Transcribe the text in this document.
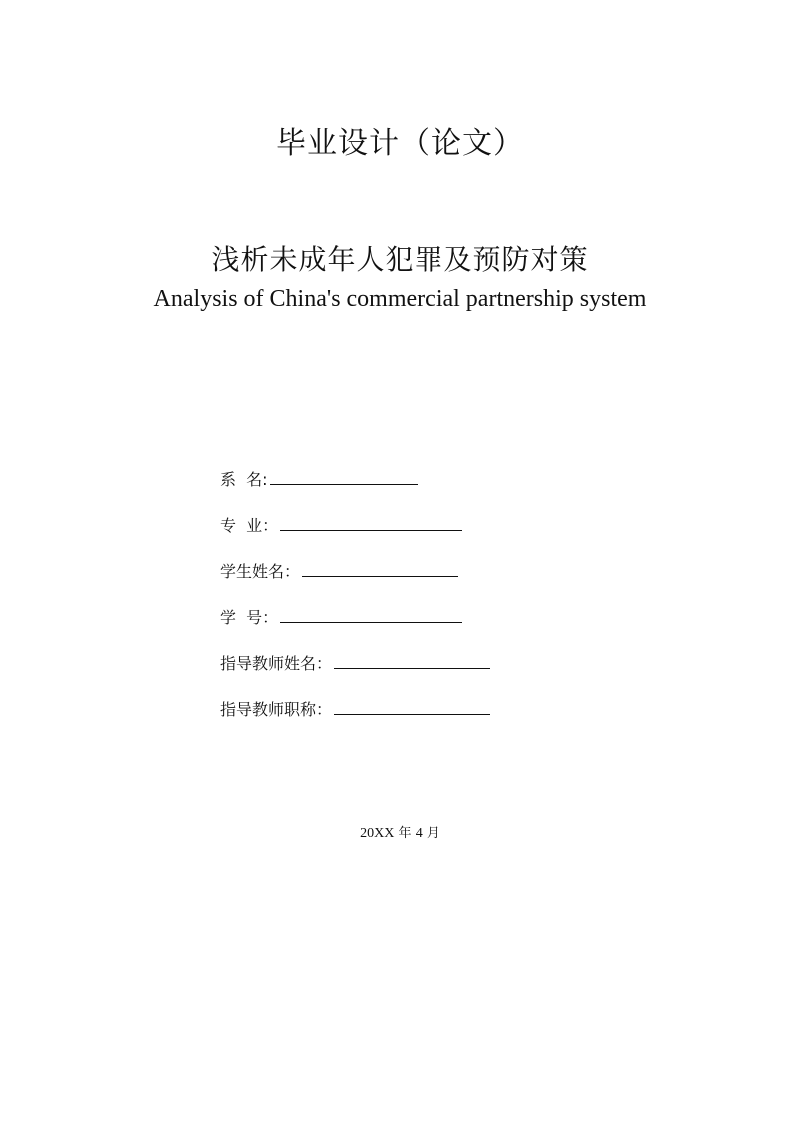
毕业设计（论文）
浅析未成年人犯罪及预防对策
Analysis of China's commercial partnership system
系  名:
专  业：
学生姓名：
学  号：
指导教师姓名：
指导教师职称：
20XX 年 4 月
